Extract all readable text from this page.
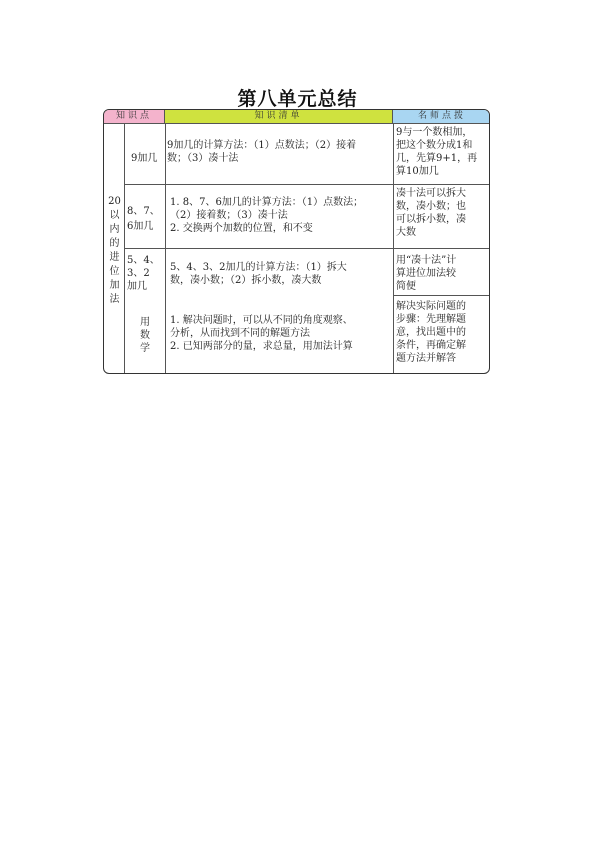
第八单元总结
知识点	知识清单	名师点拨
20
以
内
的
进
位
加
法
9加几
9加几的计算方法：（1）点数法；（2）接着
数；（3）凑十法
9与一个数相加，
把这个数分成1和
几，先算9+1，再
算10加几
8、7、
6加几
1. 8、7、6加几的计算方法：（1）点数法；
（2）接着数；（3）凑十法
2. 交换两个加数的位置，和不变
凑十法可以拆大
数，凑小数；也
可以拆小数，凑
大数
5、4、
3、2
加几
5、4、3、2加几的计算方法：（1）拆大
数，凑小数；（2）拆小数，凑大数
用“凑十法”计
算进位加法较
简便
用
数
学
1. 解决问题时，可以从不同的角度观察、
分析，从而找到不同的解题方法
2. 已知两部分的量，求总量，用加法计算
解决实际问题的
步骤：先理解题
意，找出题中的
条件，再确定解
题方法并解答
